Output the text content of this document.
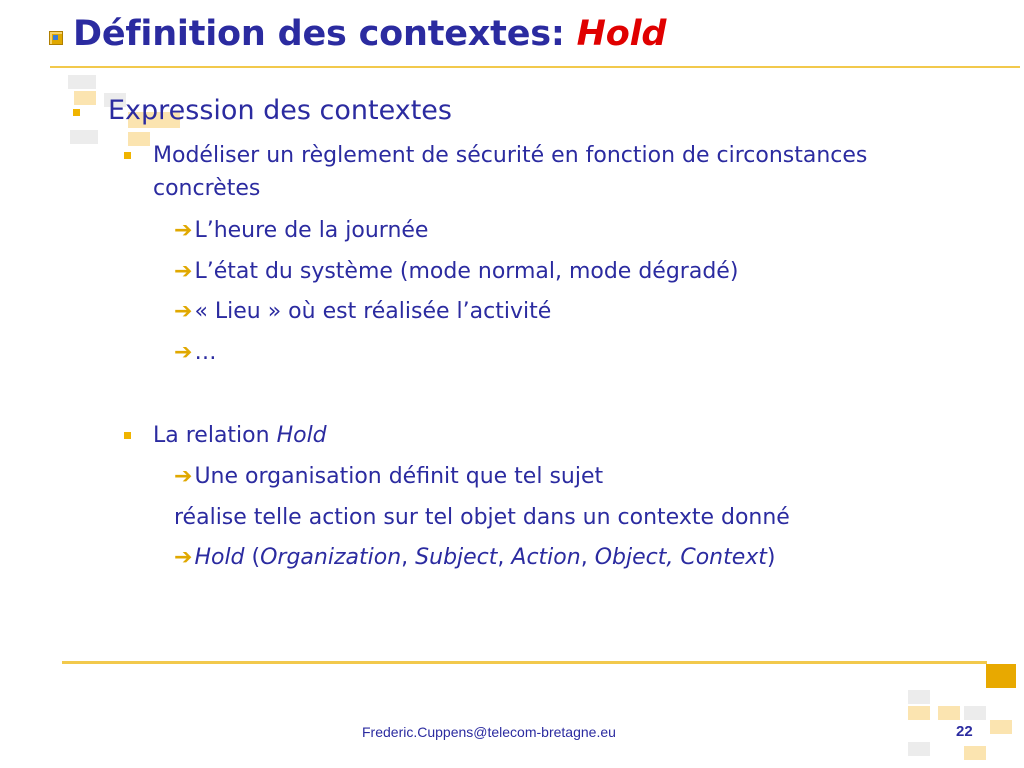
Définition des contextes: Hold

Expression des contextes

Modéliser un règlement de sécurité en fonction de circonstances

concrètes

➔L’heure de la journée

➔L’état du système (mode normal, mode dégradé)

➔« Lieu » où est réalisée l’activité

➔…

La relation Hold

➔Une organisation définit que tel sujet

réalise telle action sur tel objet dans un contexte donné

➔Hold (Organization, Subject, Action, Object, Context)

Frederic.Cuppens@telecom-bretagne.eu	22
